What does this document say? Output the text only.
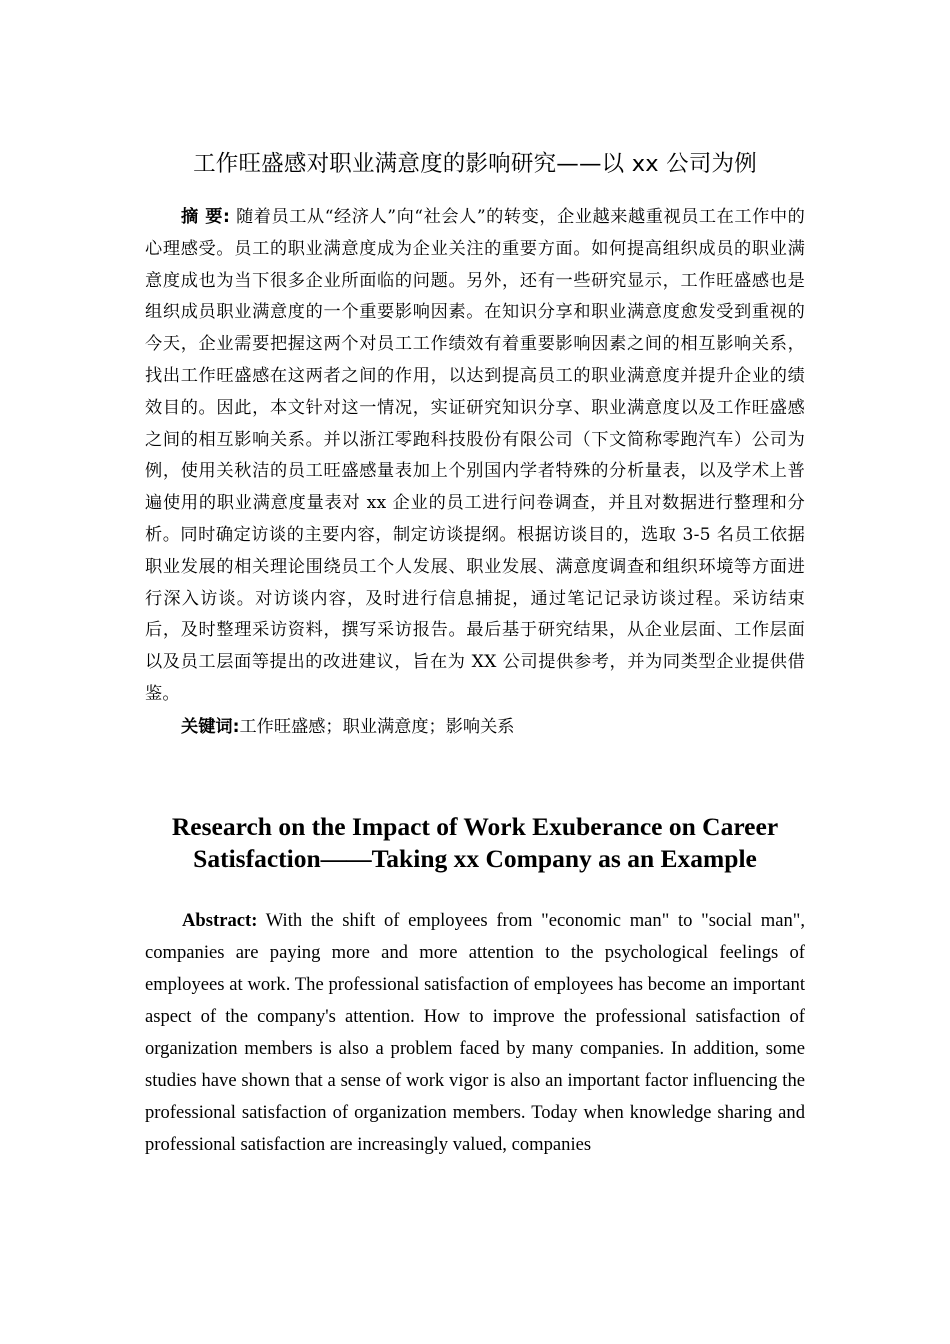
工作旺盛感对职业满意度的影响研究——以 xx 公司为例
摘 要: 随着员工从“经济人”向“社会人”的转变，企业越来越重视员工在工作中的心理感受。员工的职业满意度成为企业关注的重要方面。如何提高组织成员的职业满意度成也为当下很多企业所面临的问题。另外，还有一些研究显示，工作旺盛感也是组织成员职业满意度的一个重要影响因素。在知识分享和职业满意度愈发受到重视的今天，企业需要把握这两个对员工工作绩效有着重要影响因素之间的相互影响关系，找出工作旺盛感在这两者之间的作用，以达到提高员工的职业满意度并提升企业的绩效目的。因此，本文针对这一情况，实证研究知识分享、职业满意度以及工作旺盛感之间的相互影响关系。并以浙江零跑科技股份有限公司（下文简称零跑汽车）公司为例，使用关秋洁的员工旺盛感量表加上个别国内学者特殊的分析量表，以及学术上普遍使用的职业满意度量表对 xx 企业的员工进行问卷调查，并且对数据进行整理和分析。同时确定访谈的主要内容，制定访谈提纲。根据访谈目的，选取 3-5 名员工依据职业发展的相关理论围绕员工个人发展、职业发展、满意度调查和组织环境等方面进行深入访谈。对访谈内容，及时进行信息捕捉，通过笔记记录访谈过程。采访结束后，及时整理采访资料，撰写采访报告。最后基于研究结果，从企业层面、工作层面以及员工层面等提出的改进建议，旨在为 XX 公司提供参考，并为同类型企业提供借鉴。
关键词:工作旺盛感；职业满意度；影响关系
Research on the Impact of Work Exuberance on Career Satisfaction——Taking xx Company as an Example
Abstract: With the shift of employees from "economic man" to "social man", companies are paying more and more attention to the psychological feelings of employees at work. The professional satisfaction of employees has become an important aspect of the company's attention. How to improve the professional satisfaction of organization members is also a problem faced by many companies. In addition, some studies have shown that a sense of work vigor is also an important factor influencing the professional satisfaction of organization members. Today when knowledge sharing and professional satisfaction are increasingly valued, companies
